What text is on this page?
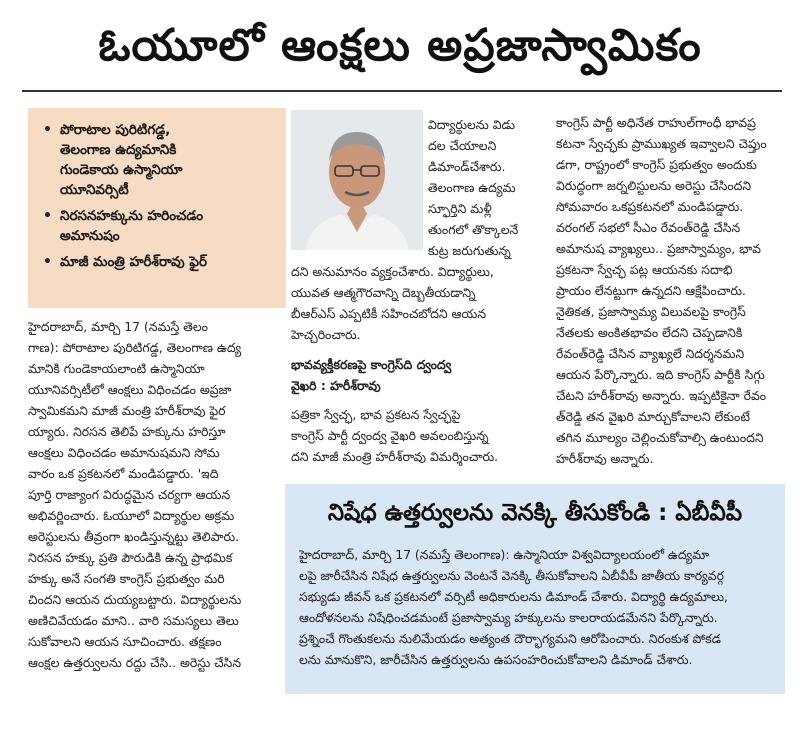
ఓయూలో ఆంక్షలు అప్రజాస్వామికం
• పోరాటాల పురిటిగడ్డ,
తెలంగాణ ఉద్యమానికి
గుండెకాయ ఉస్మానియా
యూనివర్సిటీ
• నిరసనహక్కును హరించడం
అమానుషం
• మాజీ మంత్రి హరీశ్‌రావు ఫైర్
హైదరాబాద్‌, మార్చి 17 (నమస్తే తెలం
గాణ): పోరాటాల పురిటిగడ్డ, తెలంగాణ ఉద్య
మానికి గుండెకాయలాంటి ఉస్మానియా
యూనివర్సిటీలో ఆంక్షలు విధించడం అప్రజా
స్వామికమని మాజీ మంత్రి హరీశ్‌రావు ఫైర
య్యారు. నిరసన తెలిపే హక్కును హరిస్తూ
ఆంక్షలు విధించడం అమానుషమని సోమ
వారం ఒక ప్రకటనలో మండిపడ్డారు. 'ఇది
పూర్తి రాజ్యాంగ విరుద్ధమైన చర్యగా ఆయన
అభివర్ణించారు. ఓయూలో విద్యార్థుల అక్రమ
అరెస్టులను తీవ్రంగా ఖండిస్తున్నట్టు తెలిపారు.
నిరసన హక్కు ప్రతి పౌరుడికి ఉన్న ప్రాథమిక
హక్కు అనే సంగతి కాంగ్రెస్‌ ప్రభుత్వం మరి
చిందని ఆయన దుయ్యబట్టారు. విద్యార్థులను
అణిచివేయడం మాని.. వారి సమస్యలు తెలు
సుకోవాలని ఆయన సూచించారు. తక్షణం
ఆంక్షల ఉత్తర్వులను రద్దు చేసి.. అరెస్టు చేసిన
విద్యార్థులను విడు
దల చేయాలని
డిమాండ్‌చేశారు.
తెలంగాణ ఉద్యమ
స్ఫూర్తిని మళ్లీ
తుంగలో తొక్కాలనే
కుట్ర జరుగుతున్న
దని అనుమానం వ్యక్తంచేశారు. విద్యార్థులు,
యువత ఆత్మగౌరవాన్ని దెబ్బతీయడాన్ని
బీఆర్‌ఎస్‌ ఎప్పటికీ సహించబోదని ఆయన
హెచ్చరించారు.
భావవ్యక్తీకరణపై కాంగ్రెస్‌ది ద్వంద్వ
వైఖరి : హరీశ్‌రావు
పత్రికా స్వేచ్ఛ, భావ ప్రకటన స్వేచ్ఛపై
కాంగ్రెస్‌ పార్టీ ద్వంద్వ వైఖరి అవలంబిస్తున్న
దని మాజీ మంత్రి హరీశ్‌రావు విమర్శించారు.
కాంగ్రెస్‌ పార్టీ అధినేత రాహుల్‌గాంధీ భావప్ర
కటనా స్వేచ్ఛకు ప్రాముఖ్యత ఇవ్వాలని చెప్తుం
డగా, రాష్ట్రంలో కాంగ్రెస్‌ ప్రభుత్వం అందుకు
విరుద్ధంగా జర్నలిస్టులను అరెస్టు చేసిందని
సోమవారం ఒకప్రకటనలో మండిపడ్డారు.
వరంగల్‌ సభలో సీఎం రేవంత్‌రెడ్డి చేసిన
అమానుష వ్యాఖ్యలు.. ప్రజాస్వామ్యం, భావ
ప్రకటనా స్వేచ్ఛ పట్ల ఆయనకు సదాభి
ప్రాయం లేనట్టుగా ఉన్నదని ఆక్షేపించారు.
నైతికత, ప్రజాస్వామ్య విలువలపై కాంగ్రెస్‌
నేతలకు అంకితభావం లేదని చెప్పడానికి
రేవంత్‌రెడ్డి చేసిన వ్యాఖ్యలే నిదర్శనమని
ఆయన పేర్కొన్నారు. ఇది కాంగ్రెస్‌ పార్టీకి సిగ్గు
చేటని హరీశ్‌రావు అన్నారు. ఇప్పటికైనా రేవం
త్‌రెడ్డి తన వైఖరి మార్చుకోవాలని లేకుంటే
తగిన మూల్యం చెల్లించుకోవాల్సి ఉంటుందని
హరీశ్‌రావు అన్నారు.
నిషేధ ఉత్తర్వులను వెనక్కి తీసుకోండి : ఏబీవీపీ
హైదరాబాద్‌, మార్చి 17 (నమస్తే తెలంగాణ): ఉస్మానియా విశ్వవిద్యాలయంలో ఉద్యమా
లపై జారీచేసిన నిషేధ ఉత్తర్వులను వెంటనే వెనక్కి తీసుకోవాలని ఏబీవీపీ జాతీయ కార్యవర్గ
సభ్యుడు జీవన్‌ ఒక ప్రకటనలో వర్సిటీ అధికారులను డిమాండ్‌ చేశారు. విద్యార్థి ఉద్యమాలు,
ఆందోళనలను నిషేధించడమంటే ప్రజాస్వామ్య హక్కులను కాలరాయడమేనని పేర్కొన్నారు.
ప్రశ్నించే గొంతుకలను నులిమేయడం అత్యంత దౌర్భాగ్యమని ఆరోపించారు. నిరంకుశ పోకడ
లను మానుకొని, జారీచేసిన ఉత్తర్వులను ఉపసంహరించుకోవాలని డిమాండ్‌ చేశారు.
